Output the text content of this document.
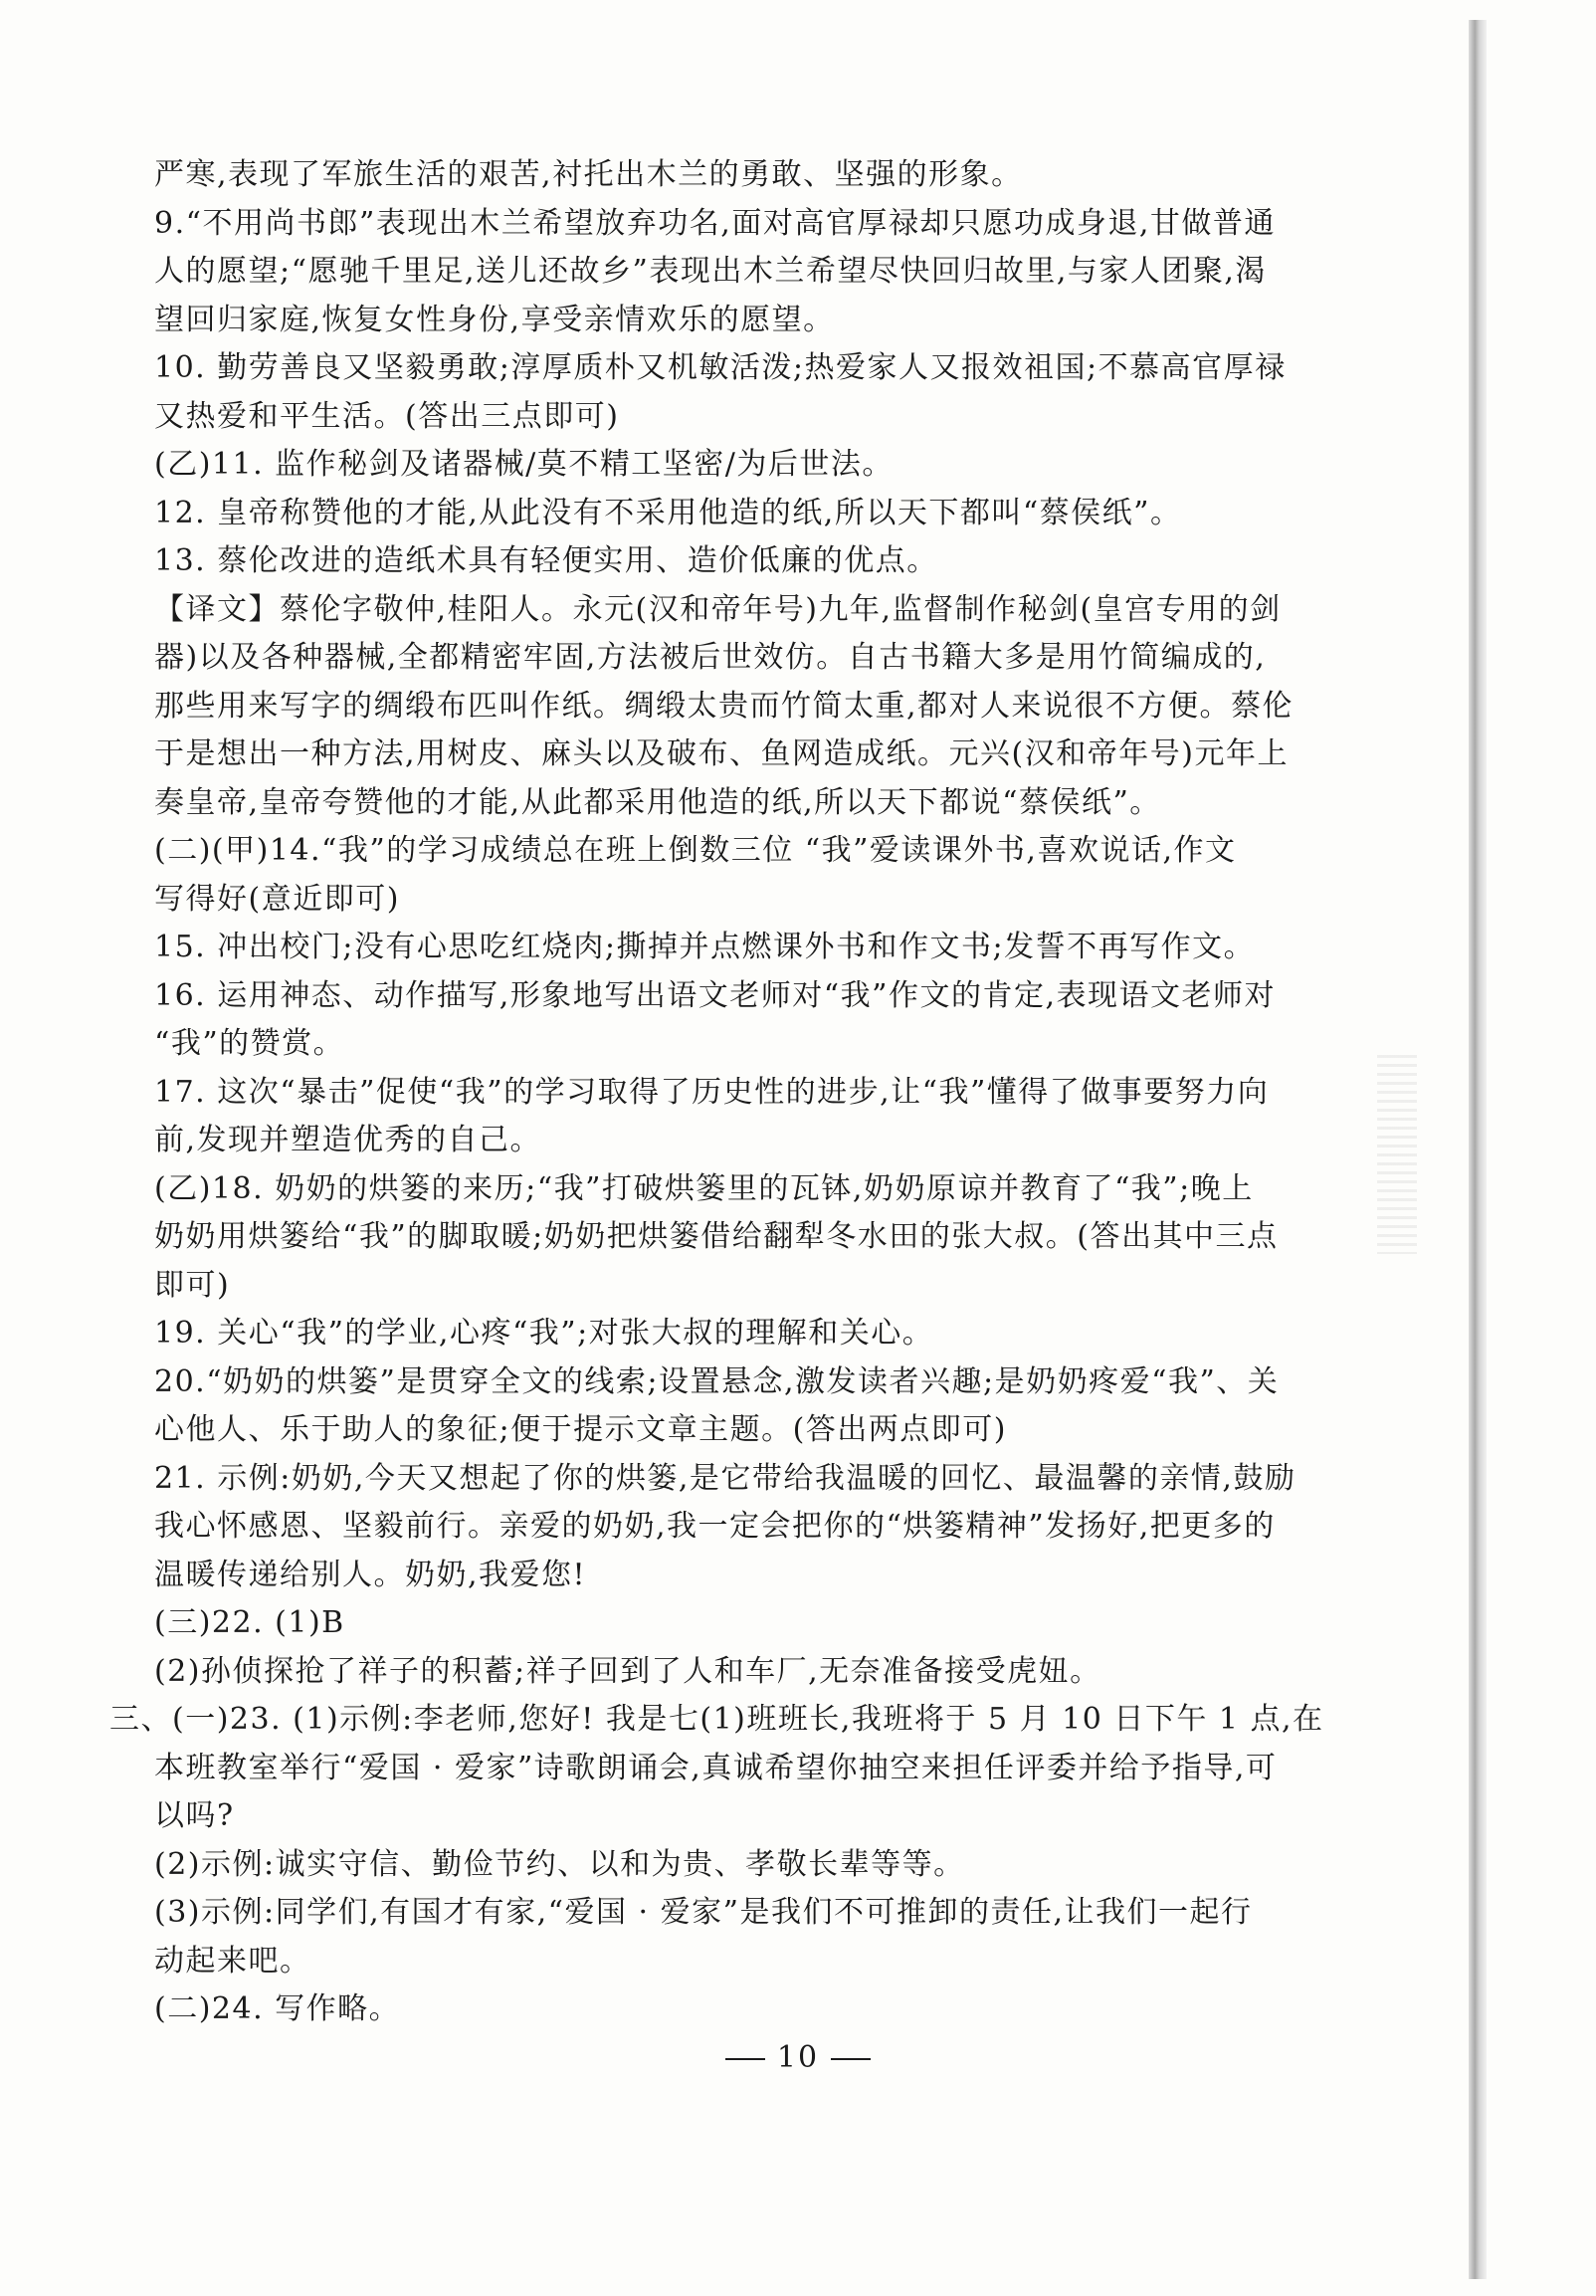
严寒,表现了军旅生活的艰苦,衬托出木兰的勇敢、坚强的形象。
9.“不用尚书郎”表现出木兰希望放弃功名,面对高官厚禄却只愿功成身退,甘做普通
人的愿望;“愿驰千里足,送儿还故乡”表现出木兰希望尽快回归故里,与家人团聚,渴
望回归家庭,恢复女性身份,享受亲情欢乐的愿望。
10. 勤劳善良又坚毅勇敢;淳厚质朴又机敏活泼;热爱家人又报效祖国;不慕高官厚禄
又热爱和平生活。(答出三点即可)
(乙)11. 监作秘剑及诸器械/莫不精工坚密/为后世法。
12. 皇帝称赞他的才能,从此没有不采用他造的纸,所以天下都叫“蔡侯纸”。
13. 蔡伦改进的造纸术具有轻便实用、造价低廉的优点。
【译文】蔡伦字敬仲,桂阳人。永元(汉和帝年号)九年,监督制作秘剑(皇宫专用的剑
器)以及各种器械,全都精密牢固,方法被后世效仿。自古书籍大多是用竹简编成的,
那些用来写字的绸缎布匹叫作纸。绸缎太贵而竹简太重,都对人来说很不方便。蔡伦
于是想出一种方法,用树皮、麻头以及破布、鱼网造成纸。元兴(汉和帝年号)元年上
奏皇帝,皇帝夸赞他的才能,从此都采用他造的纸,所以天下都说“蔡侯纸”。
(二)(甲)14.“我”的学习成绩总在班上倒数三位 “我”爱读课外书,喜欢说话,作文
写得好(意近即可)
15. 冲出校门;没有心思吃红烧肉;撕掉并点燃课外书和作文书;发誓不再写作文。
16. 运用神态、动作描写,形象地写出语文老师对“我”作文的肯定,表现语文老师对
“我”的赞赏。
17. 这次“暴击”促使“我”的学习取得了历史性的进步,让“我”懂得了做事要努力向
前,发现并塑造优秀的自己。
(乙)18. 奶奶的烘篓的来历;“我”打破烘篓里的瓦钵,奶奶原谅并教育了“我”;晚上
奶奶用烘篓给“我”的脚取暖;奶奶把烘篓借给翻犁冬水田的张大叔。(答出其中三点
即可)
19. 关心“我”的学业,心疼“我”;对张大叔的理解和关心。
20.“奶奶的烘篓”是贯穿全文的线索;设置悬念,激发读者兴趣;是奶奶疼爱“我”、关
心他人、乐于助人的象征;便于提示文章主题。(答出两点即可)
21. 示例:奶奶,今天又想起了你的烘篓,是它带给我温暖的回忆、最温馨的亲情,鼓励
我心怀感恩、坚毅前行。亲爱的奶奶,我一定会把你的“烘篓精神”发扬好,把更多的
温暖传递给别人。奶奶,我爱您!
(三)22. (1)B
(2)孙侦探抢了祥子的积蓄;祥子回到了人和车厂,无奈准备接受虎妞。
三、(一)23. (1)示例:李老师,您好! 我是七(1)班班长,我班将于 5 月 10 日下午 1 点,在
本班教室举行“爱国 · 爱家”诗歌朗诵会,真诚希望你抽空来担任评委并给予指导,可
以吗?
(2)示例:诚实守信、勤俭节约、以和为贵、孝敬长辈等等。
(3)示例:同学们,有国才有家,“爱国 · 爱家”是我们不可推卸的责任,让我们一起行
动起来吧。
(二)24. 写作略。
10
